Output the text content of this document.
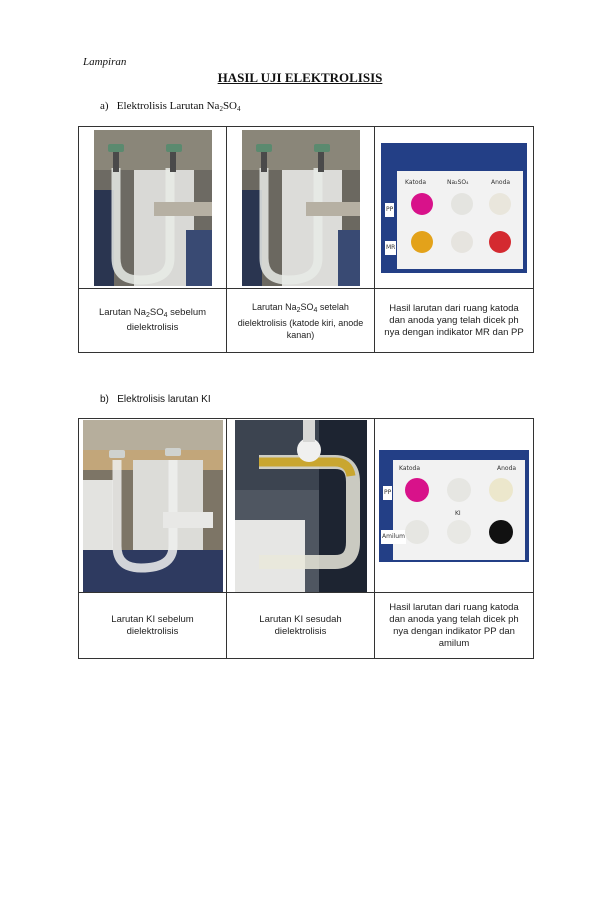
Lampiran
HASIL UJI ELEKTROLISIS
a) Elektrolisis Larutan $Na_2SO_4$

Katoda Na₂SO₄ Anoda
PP
MR

Larutan $Na_2SO_4$ sebelum dielektrolisis	Larutan $Na_2SO_4$ setelah dielektrolisis (katode kiri, anode kanan)	Hasil larutan dari ruang katoda dan anoda yang telah dicek ph nya dengan indikator MR dan PP
b) Elektrolisis larutan KI

Katoda Anoda
PP
KI
Amilum

Larutan KI sebelum dielektrolisis	Larutan KI sesudah dielektrolisis	Hasil larutan dari ruang katoda dan anoda yang telah dicek ph nya dengan indikator PP dan amilum
